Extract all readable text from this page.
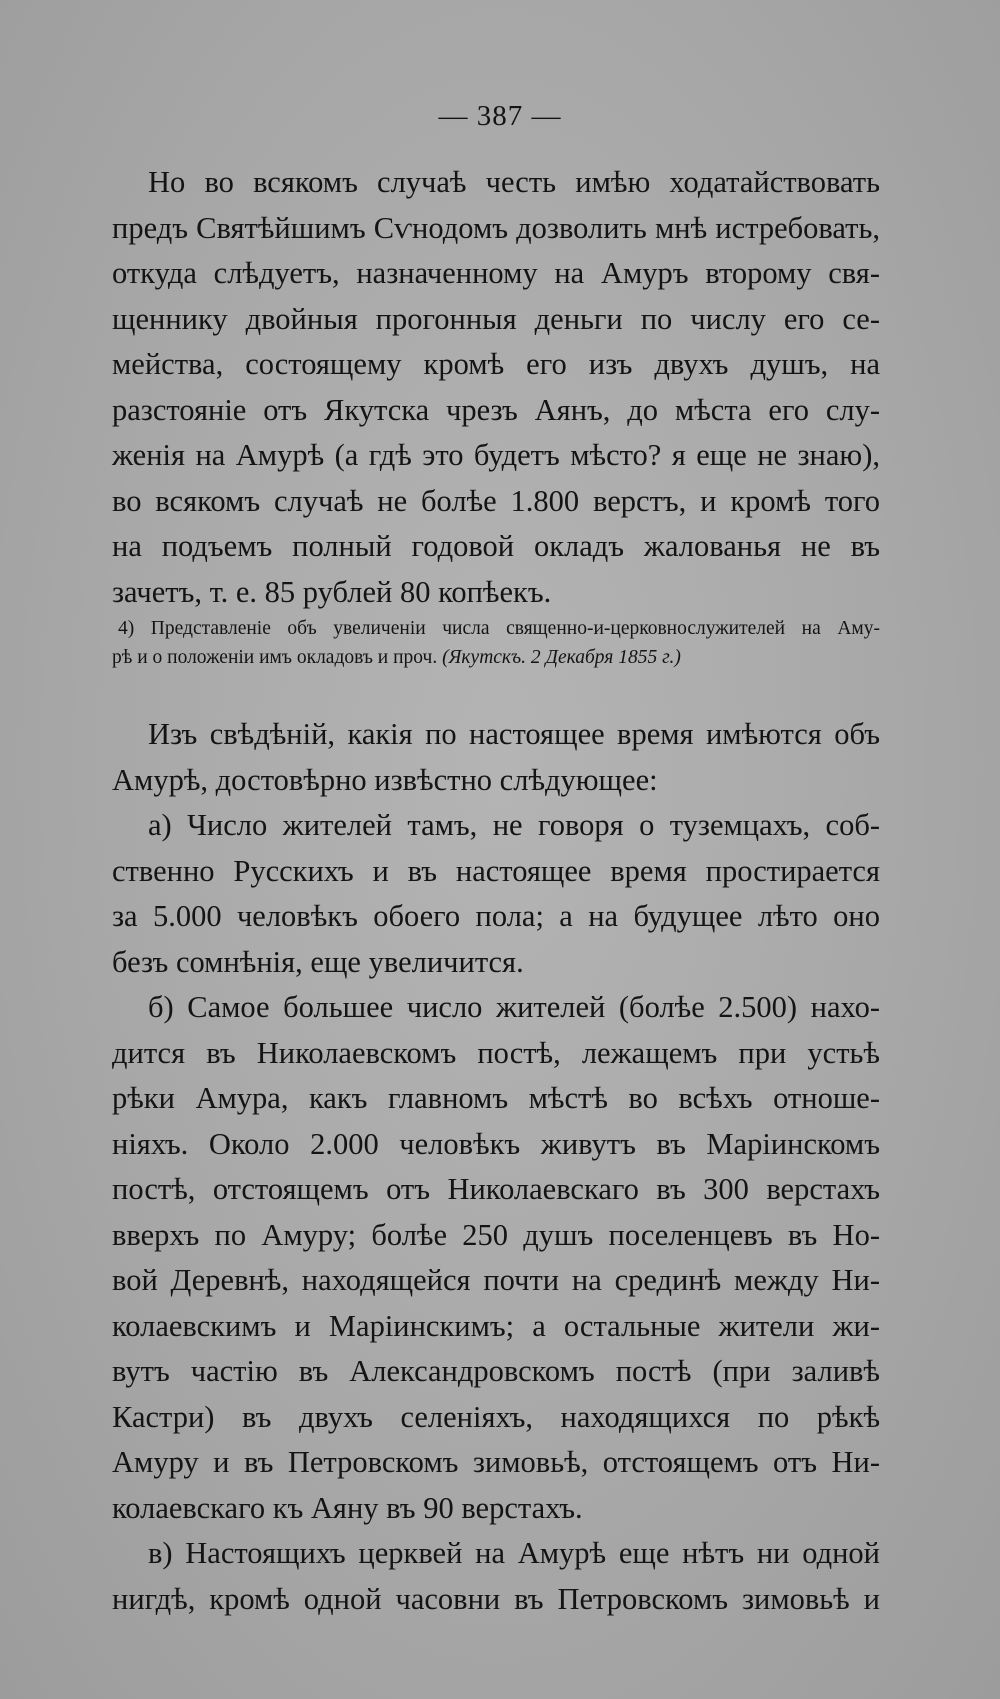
— 387 —
Но во всякомъ случаѣ честь имѣю ходатайствовать
предъ Святѣйшимъ Сѵнодомъ дозволить мнѣ истребовать,
откуда слѣдуетъ, назначенному на Амуръ второму свя-
щеннику двойныя прогонныя деньги по числу его се-
мейства, состоящему кромѣ его изъ двухъ душъ, на
разстояніе отъ Якутска чрезъ Аянъ, до мѣста его слу-
женія на Амурѣ (а гдѣ это будетъ мѣсто? я еще не знаю),
во всякомъ случаѣ не болѣе 1.800 верстъ, и кромѣ того
на подъемъ полный годовой окладъ жалованья не въ
зачетъ, т. е. 85 рублей 80 копѣекъ.
4) Представленіе объ увеличеніи числа священно-и-церковнослужителей на Аму-
рѣ и о положеніи имъ окладовъ и проч. (Якутскъ. 2 Декабря 1855 г.)
Изъ свѣдѣній, какія по настоящее время имѣются объ
Амурѣ, достовѣрно извѣстно слѣдующее:
а) Число жителей тамъ, не говоря о туземцахъ, соб-
ственно Русскихъ и въ настоящее время простирается
за 5.000 человѣкъ обоего пола; а на будущее лѣто оно
безъ сомнѣнія, еще увеличится.
б) Самое большее число жителей (болѣе 2.500) нахо-
дится въ Николаевскомъ постѣ, лежащемъ при устьѣ
рѣки Амура, какъ главномъ мѣстѣ во всѣхъ отноше-
ніяхъ. Около 2.000 человѣкъ живутъ въ Маріинскомъ
постѣ, отстоящемъ отъ Николаевскаго въ 300 верстахъ
вверхъ по Амуру; болѣе 250 душъ поселенцевъ въ Но-
вой Деревнѣ, находящейся почти на срединѣ между Ни-
колаевскимъ и Маріинскимъ; а остальные жители жи-
вутъ частію въ Александровскомъ постѣ (при заливѣ
Кастри) въ двухъ селеніяхъ, находящихся по рѣкѣ
Амуру и въ Петровскомъ зимовьѣ, отстоящемъ отъ Ни-
колаевскаго къ Аяну въ 90 верстахъ.
в) Настоящихъ церквей на Амурѣ еще нѣтъ ни одной
нигдѣ, кромѣ одной часовни въ Петровскомъ зимовьѣ и
